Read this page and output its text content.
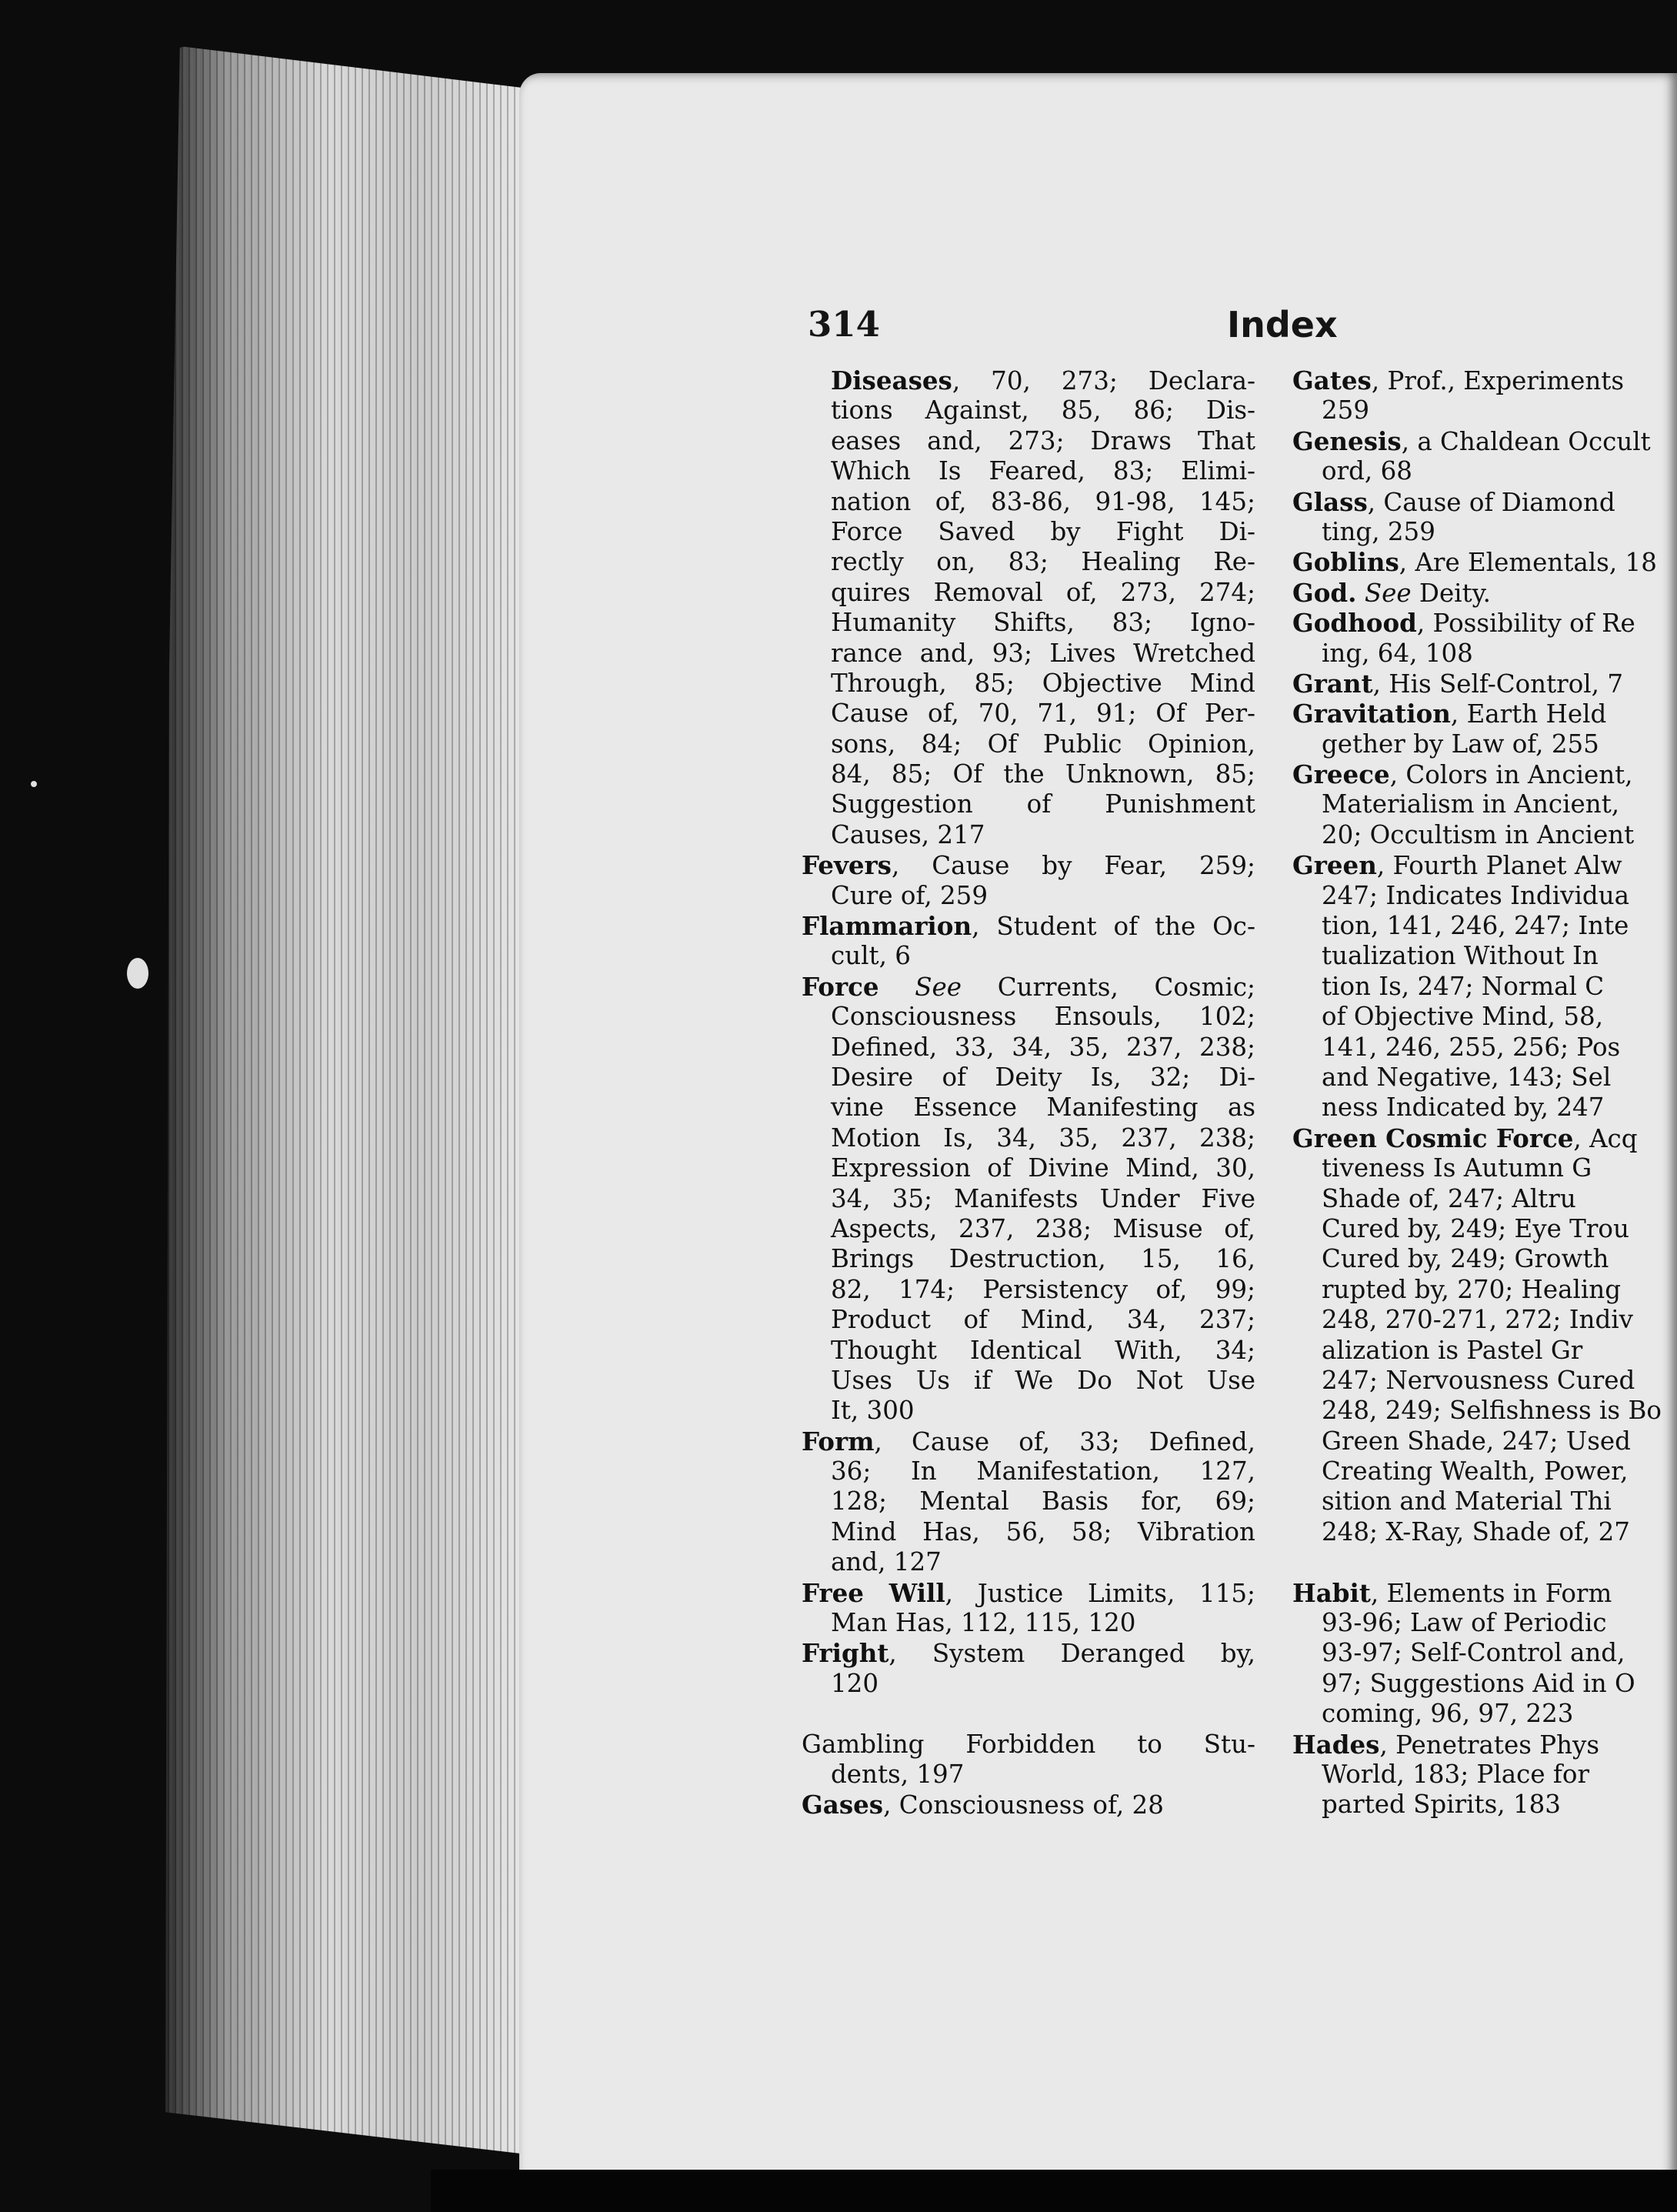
314	Index
Diseases, 70, 273; Declara-
tions Against, 85, 86; Dis-
eases and, 273; Draws That
Which Is Feared, 83; Elimi-
nation of, 83-86, 91-98, 145;
Force Saved by Fight Di-
rectly on, 83; Healing Re-
quires Removal of, 273, 274;
Humanity Shifts, 83; Igno-
rance and, 93; Lives Wretched
Through, 85; Objective Mind
Cause of, 70, 71, 91; Of Per-
sons, 84; Of Public Opinion,
84, 85; Of the Unknown, 85;
Suggestion of Punishment
Causes, 217
Fevers, Cause by Fear, 259;
Cure of, 259
Flammarion, Student of the Oc-
cult, 6
Force See Currents, Cosmic;
Consciousness Ensouls, 102;
Defined, 33, 34, 35, 237, 238;
Desire of Deity Is, 32; Di-
vine Essence Manifesting as
Motion Is, 34, 35, 237, 238;
Expression of Divine Mind, 30,
34, 35; Manifests Under Five
Aspects, 237, 238; Misuse of,
Brings Destruction, 15, 16,
82, 174; Persistency of, 99;
Product of Mind, 34, 237;
Thought Identical With, 34;
Uses Us if We Do Not Use
It, 300
Form, Cause of, 33; Defined,
36; In Manifestation, 127,
128; Mental Basis for, 69;
Mind Has, 56, 58; Vibration
and, 127
Free Will, Justice Limits, 115;
Man Has, 112, 115, 120
Fright, System Deranged by,
120
Gambling Forbidden to Stu-
dents, 197
Gases, Consciousness of, 28
Gates, Prof., Experiments
259
Genesis, a Chaldean Occult
ord, 68
Glass, Cause of Diamond
ting, 259
Goblins, Are Elementals, 18
God. See Deity.
Godhood, Possibility of Re
ing, 64, 108
Grant, His Self-Control, 7
Gravitation, Earth Held
gether by Law of, 255
Greece, Colors in Ancient,
Materialism in Ancient,
20; Occultism in Ancient
Green, Fourth Planet Alw
247; Indicates Individua
tion, 141, 246, 247; Inte
tualization Without In
tion Is, 247; Normal C
of Objective Mind, 58,
141, 246, 255, 256; Pos
and Negative, 143; Sel
ness Indicated by, 247
Green Cosmic Force, Acq
tiveness Is Autumn G
Shade of, 247; Altru
Cured by, 249; Eye Trou
Cured by, 249; Growth
rupted by, 270; Healing
248, 270-271, 272; Indiv
alization is Pastel Gr
247; Nervousness Cured
248, 249; Selfishness is Bo
Green Shade, 247; Used
Creating Wealth, Power,
sition and Material Thi
248; X-Ray, Shade of, 27
Habit, Elements in Form
93-96; Law of Periodic
93-97; Self-Control and,
97; Suggestions Aid in O
coming, 96, 97, 223
Hades, Penetrates Phys
World, 183; Place for
parted Spirits, 183
